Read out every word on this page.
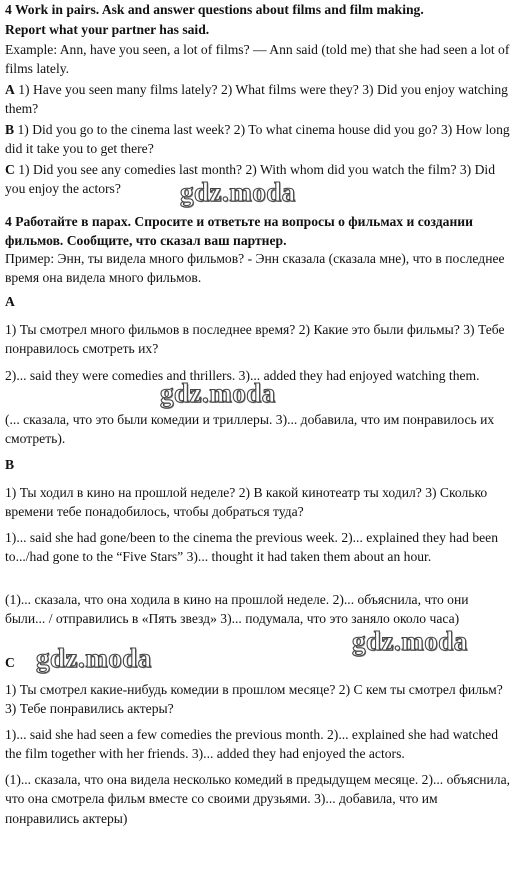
4 Work in pairs. Ask and answer questions about films and film making.
Report what your partner has said.
Example: Ann, have you seen, a lot of films? — Ann said (told me) that she had seen a lot of films lately.
A 1) Have you seen many films lately? 2) What films were they? 3) Did you enjoy watching them?
B 1) Did you go to the cinema last week? 2) To what cinema house did you go? 3) How long did it take you to get there?
C 1) Did you see any comedies last month? 2) With whom did you watch the film? 3) Did you enjoy the actors?
4 Работайте в парах. Спросите и ответьте на вопросы о фильмах и создании фильмов. Сообщите, что сказал ваш партнер.
Пример: Энн, ты видела много фильмов? - Энн сказала (сказала мне), что в последнее время она видела много фильмов.
A
1) Ты смотрел много фильмов в последнее время? 2) Какие это были фильмы? 3) Тебе понравилось смотреть их?
2)... said they were comedies and thrillers. 3)... added they had enjoyed watching them.
(... сказала, что это были комедии и триллеры. 3)... добавила, что им понравилось их смотреть).
B
1) Ты ходил в кино на прошлой неделе? 2) В какой кинотеатр ты ходил? 3) Сколько времени тебе понадобилось, чтобы добраться туда?
1)... said she had gone/been to the cinema the previous week. 2)... explained they had been to.../had gone to the “Five Stars” 3)... thought it had taken them about an hour.
(1)... сказала, что она ходила в кино на прошлой неделе. 2)... объяснила, что они были... / отправились в «Пять звезд» 3)... подумала, что это заняло около часа)
C
1) Ты смотрел какие-нибудь комедии в прошлом месяце? 2) С кем ты смотрел фильм? 3) Тебе понравились актеры?
1)... said she had seen a few comedies the previous month. 2)... explained she had watched the film together with her friends. 3)... added they had enjoyed the actors.
(1)... сказала, что она видела несколько комедий в предыдущем месяце. 2)... объяснила, что она смотрела фильм вместе со своими друзьями. 3)... добавила, что им понравились актеры)
gdz.moda
gdz.moda
gdz.moda
gdz.moda
